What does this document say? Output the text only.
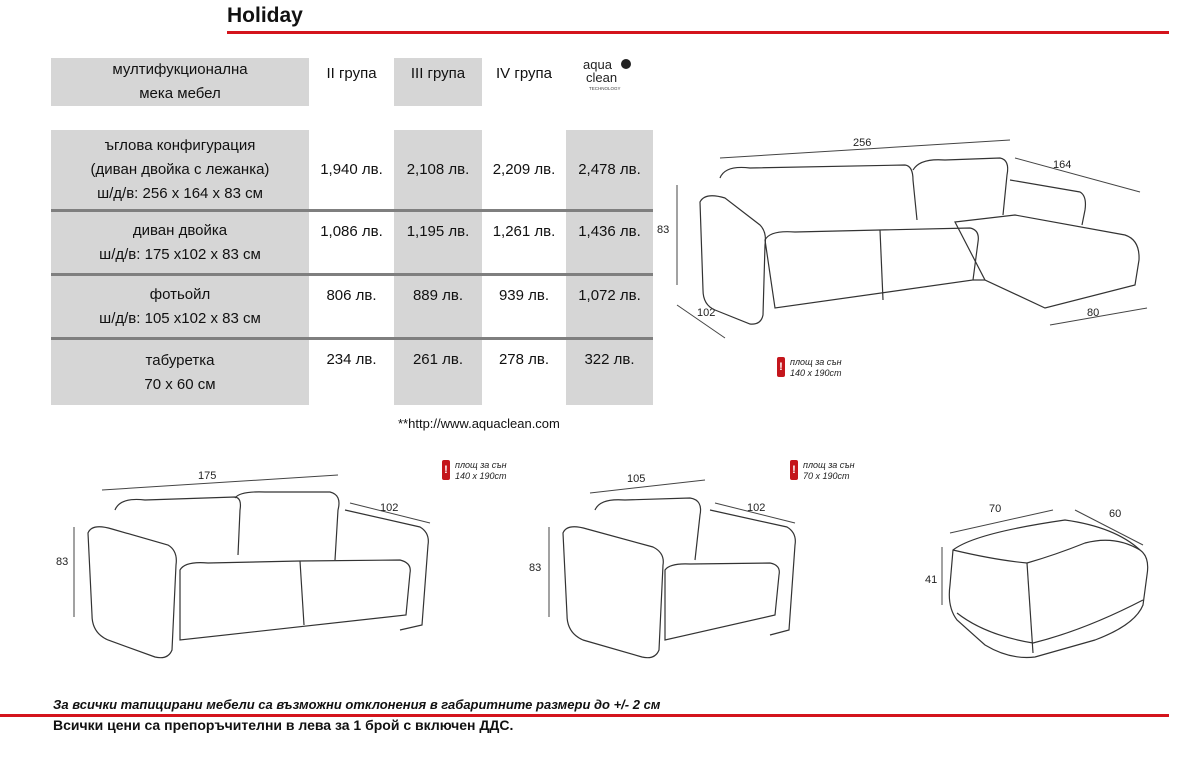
Holiday
мултифукционална
мека мебел
II група	III група	IV група
aqua
clean
TECHNOLOGY
ъглова конфигурация
(диван двойка с лежанка)
ш/д/в: 256 x 164 x 83 см
1,940 лв.	2,108 лв.	2,209 лв.	2,478 лв.
диван двойка
ш/д/в: 175 x102 x 83 см
1,086 лв.	1,195 лв.	1,261 лв.	1,436 лв.
фотьойл
ш/д/в: 105 x102 x 83 см
806 лв.	889 лв.	939 лв.	1,072 лв.
табуретка
70 x 60 см
234 лв.	261 лв.	278 лв.	322 лв.
**http://www.aquaclean.com
256
164
83
102	80
! площ за сън
140 x 190cm
175
102
83
! площ за сън
140 x 190cm	105
102
83
! площ за сън
70 x 190cm
70	60
41
За всички тапицирани мебели са възможни отклонения в габаритните размери до +/- 2 см
Всички цени са препоръчителни в лева за 1 брой с включен ДДС.
